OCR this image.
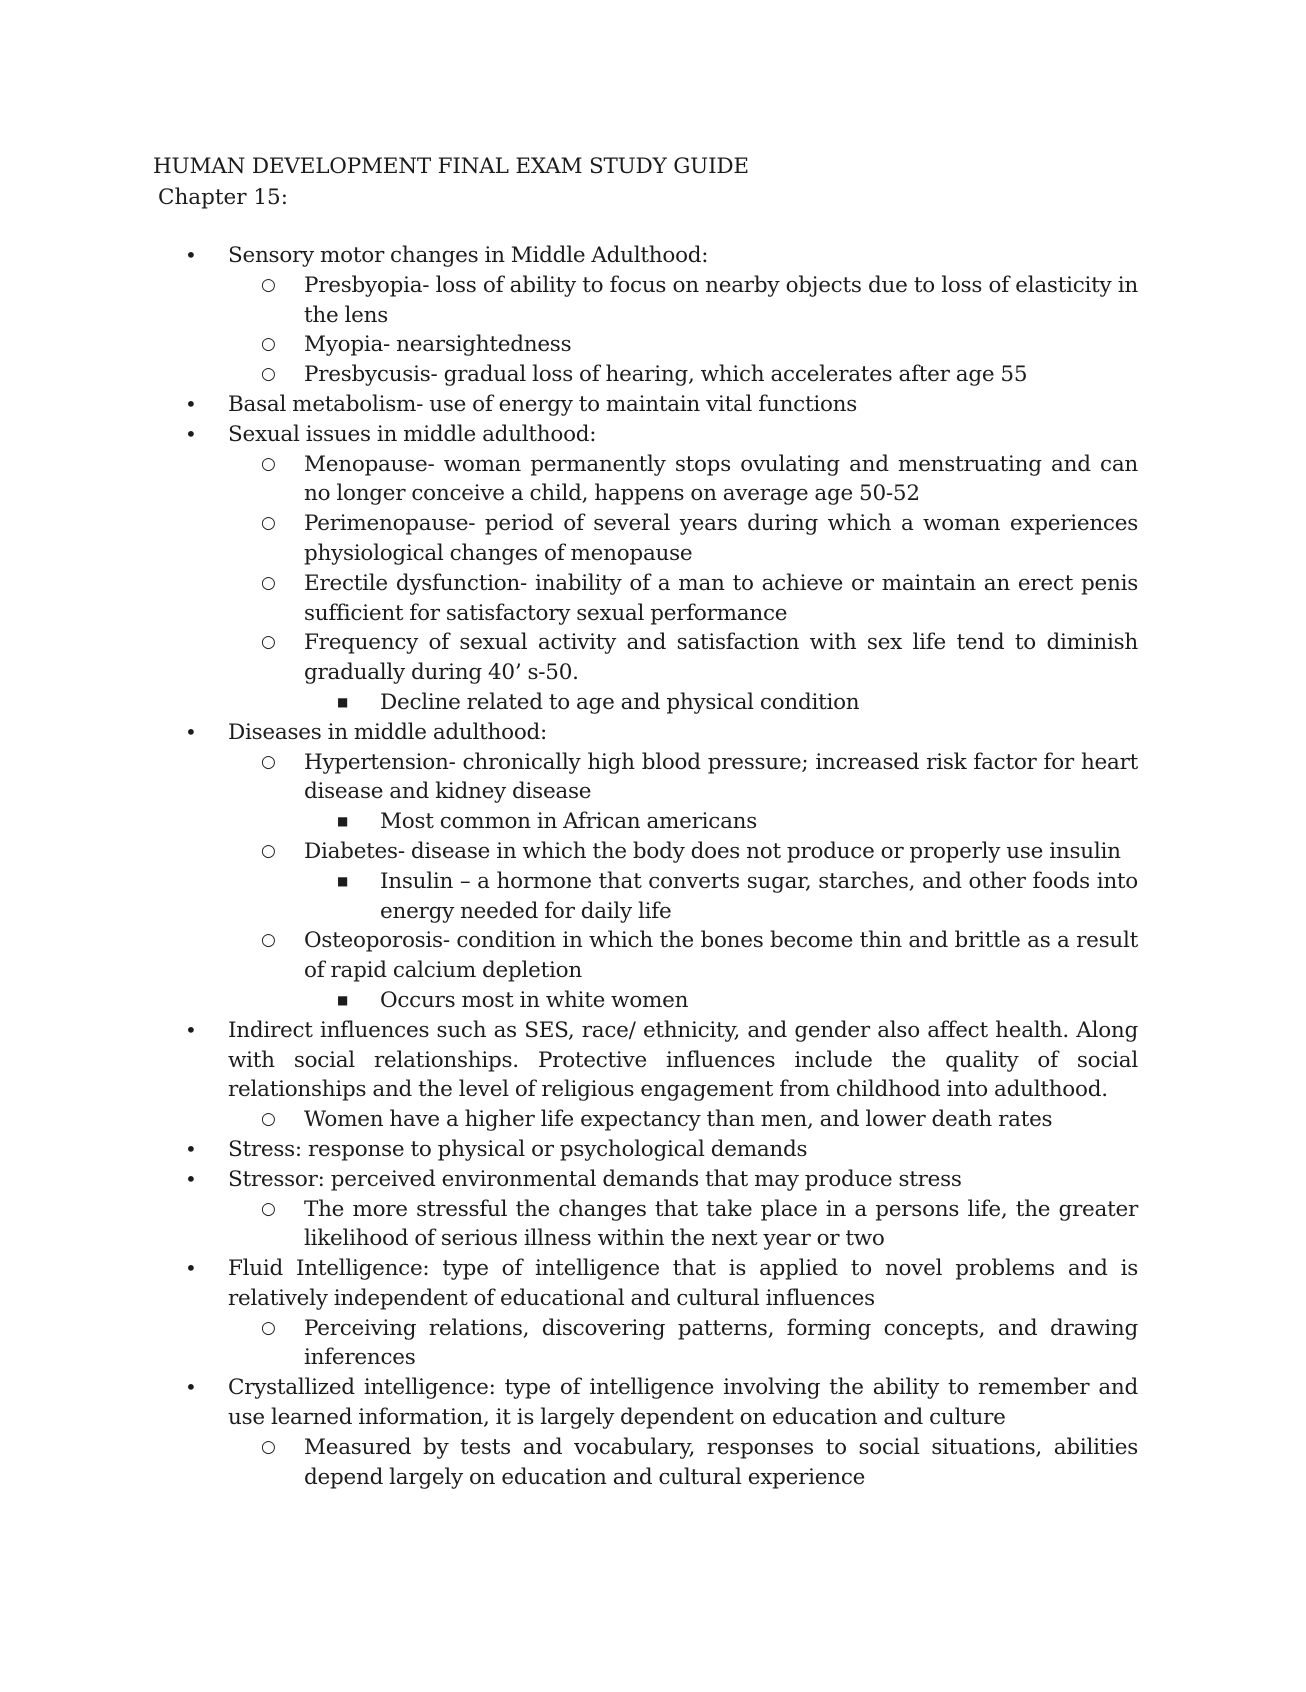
HUMAN DEVELOPMENT FINAL EXAM STUDY GUIDE
Chapter 15:
•	Sensory motor changes in Middle Adulthood:
○ Presbyopia- loss of ability to focus on nearby objects due to loss of elasticity in the lens
○ Myopia- nearsightedness
○ Presbycusis- gradual loss of hearing, which accelerates after age 55
•	Basal metabolism- use of energy to maintain vital functions
•	Sexual issues in middle adulthood:
○ Menopause- woman permanently stops ovulating and menstruating and can no longer conceive a child, happens on average age 50-52
○ Perimenopause- period of several years during which a woman experiences physiological changes of menopause
○ Erectile dysfunction- inability of a man to achieve or maintain an erect penis sufficient for satisfactory sexual performance
○ Frequency of sexual activity and satisfaction with sex life tend to diminish gradually during 40’ s-50.
■	Decline related to age and physical condition
•	Diseases in middle adulthood:
○ Hypertension- chronically high blood pressure; increased risk factor for heart disease and kidney disease
■	Most common in African americans
○ Diabetes- disease in which the body does not produce or properly use insulin
■	Insulin – a hormone that converts sugar, starches, and other foods into energy needed for daily life
○ Osteoporosis- condition in which the bones become thin and brittle as a result of rapid calcium depletion
■	Occurs most in white women
•	Indirect influences such as SES, race/ ethnicity, and gender also affect health. Along with social relationships. Protective influences include the quality of social relationships and the level of religious engagement from childhood into adulthood.
○ Women have a higher life expectancy than men, and lower death rates
•	Stress: response to physical or psychological demands
•	Stressor: perceived environmental demands that may produce stress
○ The more stressful the changes that take place in a persons life, the greater likelihood of serious illness within the next year or two
•	Fluid Intelligence: type of intelligence that is applied to novel problems and is relatively independent of educational and cultural influences
○ Perceiving relations, discovering patterns, forming concepts, and drawing inferences
•	Crystallized intelligence: type of intelligence involving the ability to remember and use learned information, it is largely dependent on education and culture
○ Measured by tests and vocabulary, responses to social situations, abilities depend largely on education and cultural experience
